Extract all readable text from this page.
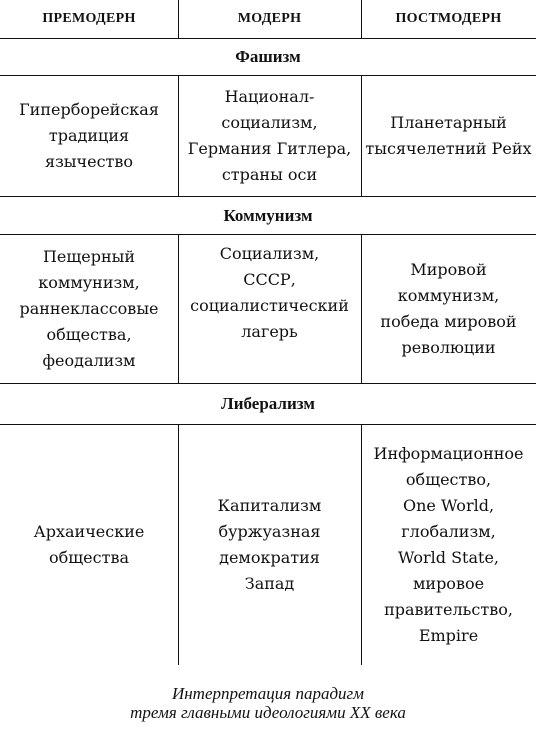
ПРЕМОДЕРН	МОДЕРН	ПОСТМОДЕРН
Фашизм
Гиперборейская
традиция
язычество
Национал-
социализм,
Германия Гитлера,
страны оси
Планетарный
тысячелетний Рейх
Коммунизм
Пещерный
коммунизм,
раннеклассовые
общества,
феодализм
Социализм,
СССР,
социалистический
лагерь
Мировой
коммунизм,
победа мировой
революции
Либерализм
Архаические
общества
Капитализм
буржуазная
демократия
Запад
Информационное
общество,
One World,
глобализм,
World State,
мировое
правительство,
Empire
Интерпретация парадигм
тремя главными идеологиями XX века
